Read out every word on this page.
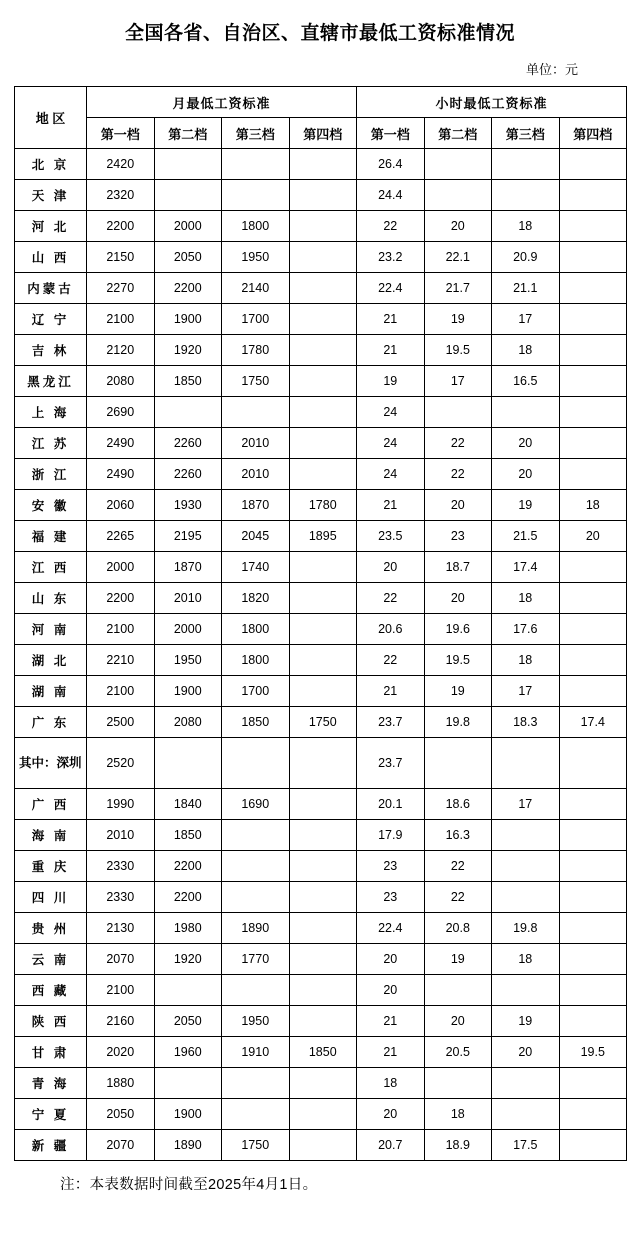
全国各省、自治区、直辖市最低工资标准情况
单位：元
地 区	月最低工资标准				小时最低工资标准			
	第一档	第二档	第三档	第四档	第一档	第二档	第三档	第四档
北 京	2420				26.4			
天 津	2320				24.4			
河 北	2200	2000	1800		22	20	18	
山 西	2150	2050	1950		23.2	22.1	20.9	
内蒙古	2270	2200	2140		22.4	21.7	21.1	
辽 宁	2100	1900	1700		21	19	17	
吉 林	2120	1920	1780		21	19.5	18	
黑龙江	2080	1850	1750		19	17	16.5	
上 海	2690				24			
江 苏	2490	2260	2010		24	22	20	
浙 江	2490	2260	2010		24	22	20	
安 徽	2060	1930	1870	1780	21	20	19	18
福 建	2265	2195	2045	1895	23.5	23	21.5	20
江 西	2000	1870	1740		20	18.7	17.4	
山 东	2200	2010	1820		22	20	18	
河 南	2100	2000	1800		20.6	19.6	17.6	
湖 北	2210	1950	1800		22	19.5	18	
湖 南	2100	1900	1700		21	19	17	
广 东	2500	2080	1850	1750	23.7	19.8	18.3	17.4
其中：深圳	2520				23.7			
广 西	1990	1840	1690		20.1	18.6	17	
海 南	2010	1850			17.9	16.3		
重 庆	2330	2200			23	22		
四 川	2330	2200			23	22		
贵 州	2130	1980	1890		22.4	20.8	19.8	
云 南	2070	1920	1770		20	19	18	
西 藏	2100				20			
陕 西	2160	2050	1950		21	20	19	
甘 肃	2020	1960	1910	1850	21	20.5	20	19.5
青 海	1880				18			
宁 夏	2050	1900			20	18		
新 疆	2070	1890	1750		20.7	18.9	17.5	
注：本表数据时间截至2025年4月1日。
